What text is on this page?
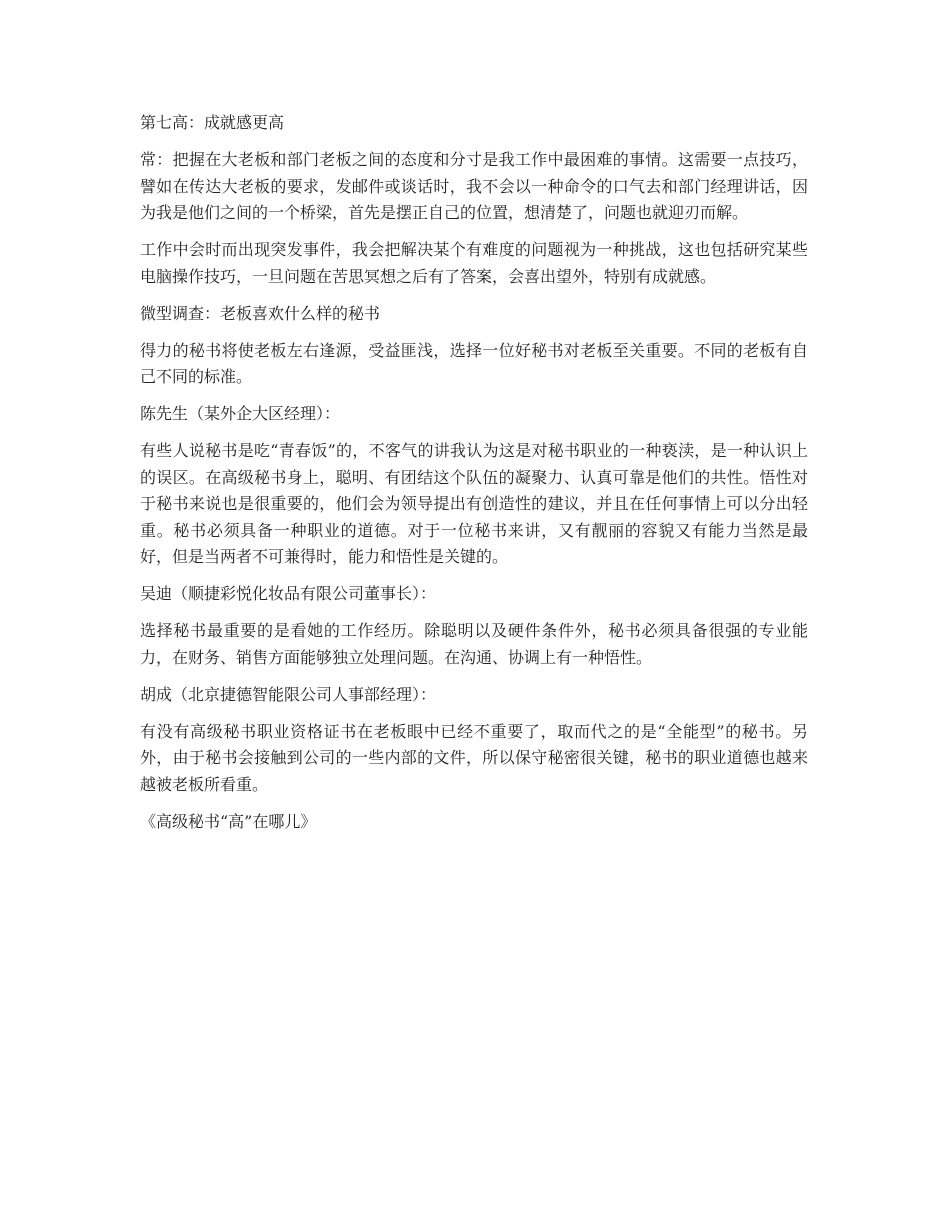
第七高：成就感更高

常：把握在大老板和部门老板之间的态度和分寸是我工作中最困难的事情。这需要一点技巧，譬如在传达大老板的要求，发邮件或谈话时，我不会以一种命令的口气去和部门经理讲话，因为我是他们之间的一个桥梁，首先是摆正自己的位置，想清楚了，问题也就迎刃而解。

工作中会时而出现突发事件，我会把解决某个有难度的问题视为一种挑战，这也包括研究某些电脑操作技巧，一旦问题在苦思冥想之后有了答案，会喜出望外，特别有成就感。

微型调查：老板喜欢什么样的秘书

得力的秘书将使老板左右逢源，受益匪浅，选择一位好秘书对老板至关重要。不同的老板有自己不同的标准。

陈先生（某外企大区经理）：

有些人说秘书是吃“青春饭”的，不客气的讲我认为这是对秘书职业的一种亵渎，是一种认识上的误区。在高级秘书身上，聪明、有团结这个队伍的凝聚力、认真可靠是他们的共性。悟性对于秘书来说也是很重要的，他们会为领导提出有创造性的建议，并且在任何事情上可以分出轻重。秘书必须具备一种职业的道德。对于一位秘书来讲，又有靓丽的容貌又有能力当然是最好，但是当两者不可兼得时，能力和悟性是关键的。

吴迪（顺捷彩悦化妆品有限公司董事长）：

选择秘书最重要的是看她的工作经历。除聪明以及硬件条件外，秘书必须具备很强的专业能力，在财务、销售方面能够独立处理问题。在沟通、协调上有一种悟性。

胡成（北京捷德智能限公司人事部经理）：

有没有高级秘书职业资格证书在老板眼中已经不重要了，取而代之的是“全能型”的秘书。另外，由于秘书会接触到公司的一些内部的文件，所以保守秘密很关键，秘书的职业道德也越来越被老板所看重。

《高级秘书“高”在哪儿》
